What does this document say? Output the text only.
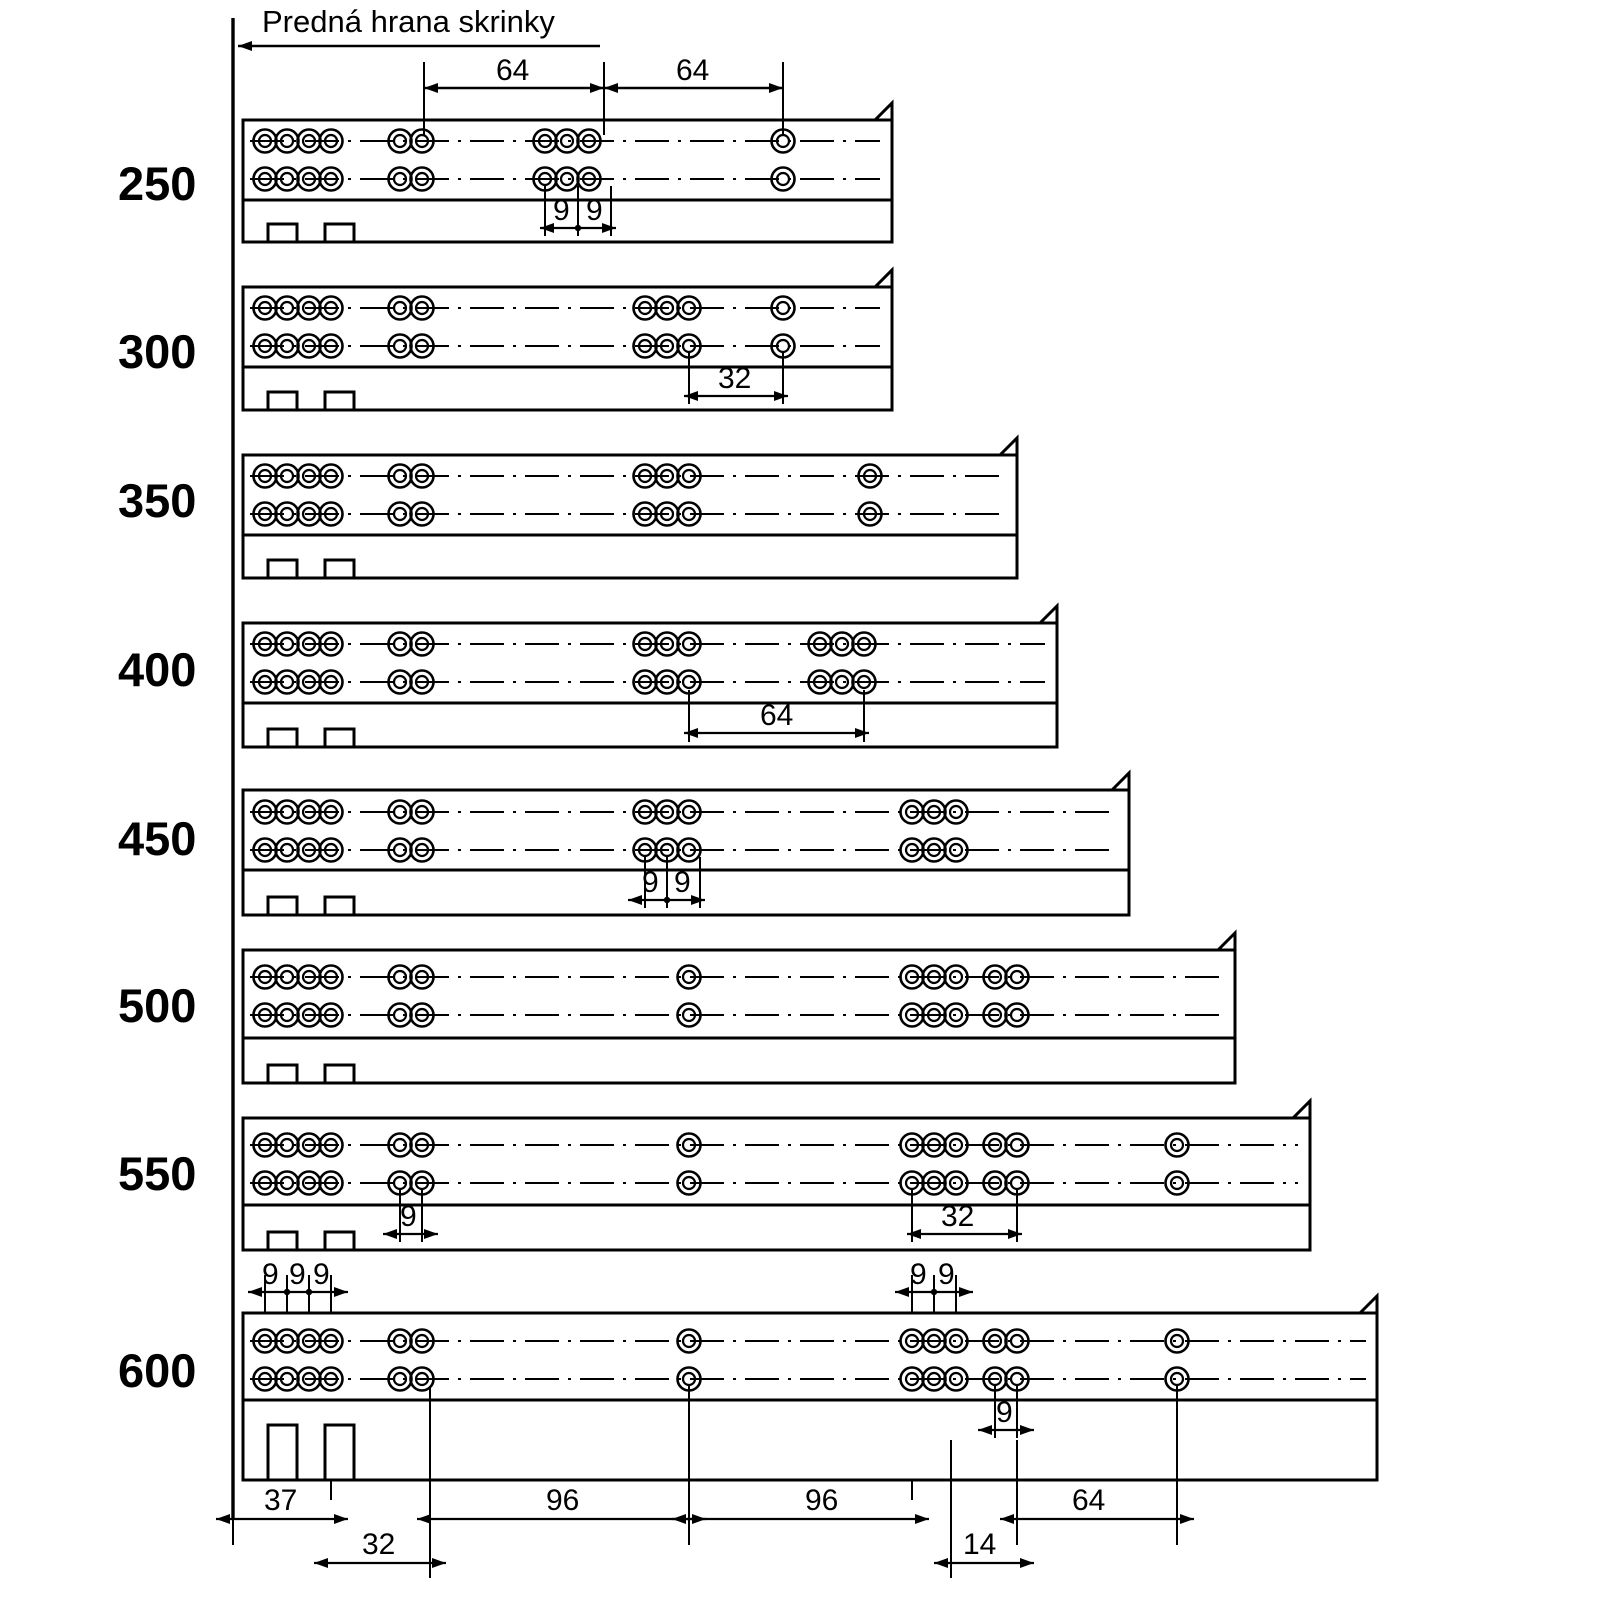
250
64	64
9 9
300
32
350
400
64
450
9 9
500
550
9	32
9 9 9	9 9
600
9
37	96	96	64
32	14
Predná hrana skrinky
